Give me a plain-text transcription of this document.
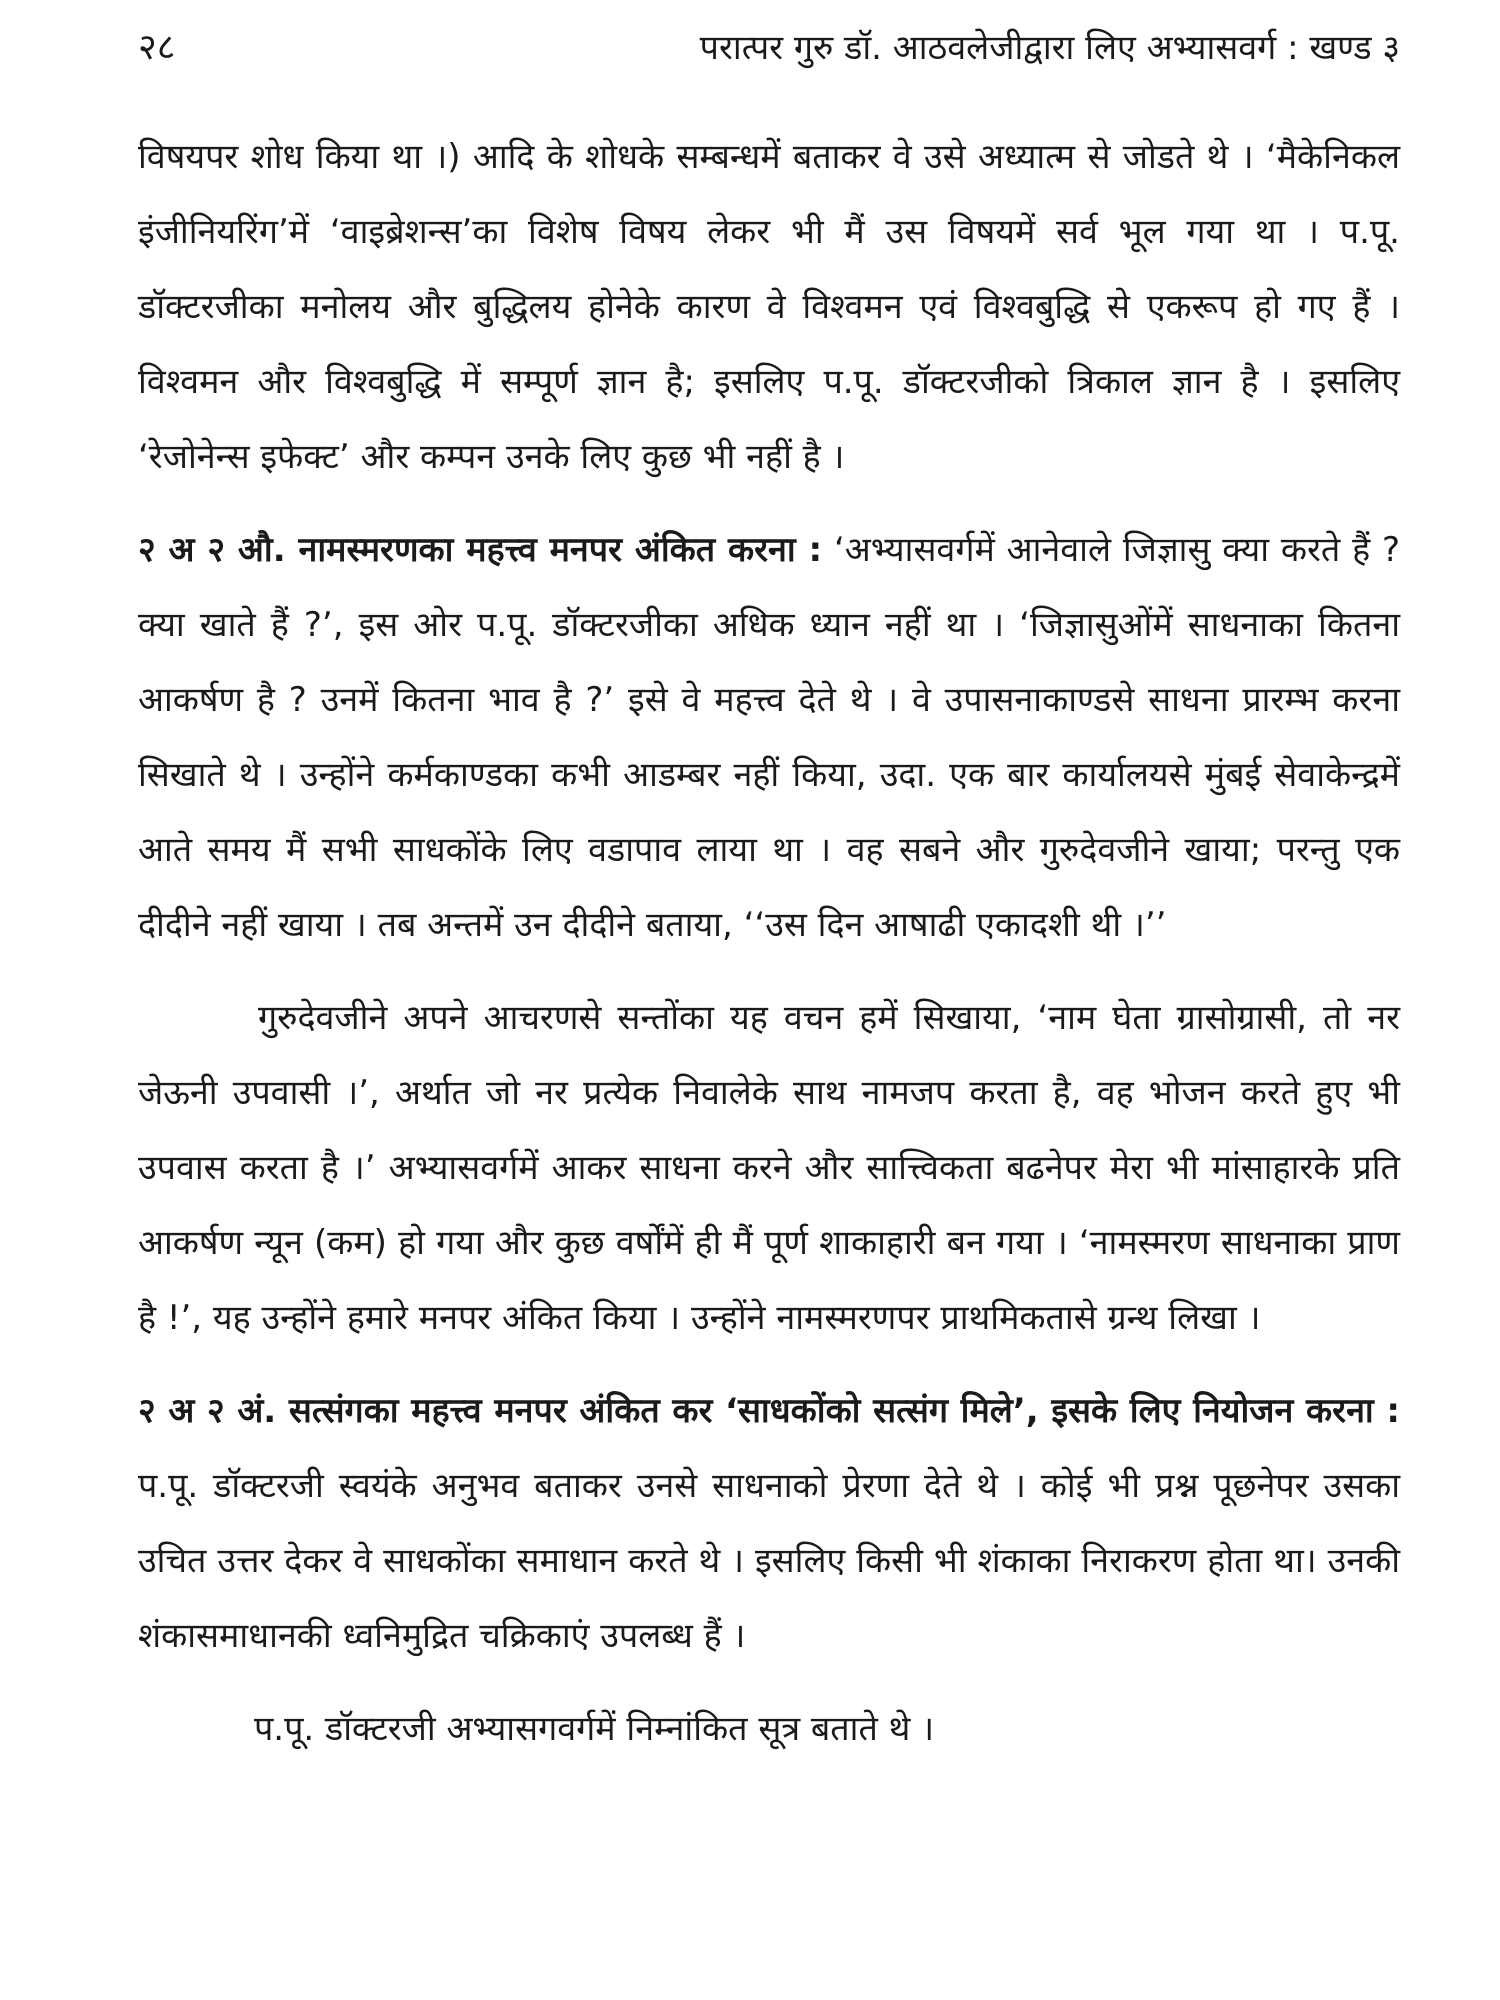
२८	परात्पर गुरु डॉ. आठवलेजीद्वारा लिए अभ्यासवर्ग : खण्ड ३

विषयपर शोध किया था ।) आदि के शोधके सम्बन्धमें बताकर वे उसे अध्यात्म से जोडते थे । ‘मैकेनिकल इंजीनियरिंग’में ‘वाइब्रेशन्स’का विशेष विषय लेकर भी मैं उस विषयमें सर्व भूल गया था । प.पू. डॉक्टरजीका मनोलय और बुद्धिलय होनेके कारण वे विश्वमन एवं विश्वबुद्धि से एकरूप हो गए हैं । विश्वमन और विश्वबुद्धि में सम्पूर्ण ज्ञान है; इसलिए प.पू. डॉक्टरजीको त्रिकाल ज्ञान है । इसलिए ‘रेजोनेन्स इफेक्ट’ और कम्पन उनके लिए कुछ भी नहीं है ।

२ अ २ औ. नामस्मरणका महत्त्व मनपर अंकित करना : ‘अभ्यासवर्गमें आनेवाले जिज्ञासु क्या करते हैं ? क्या खाते हैं ?’, इस ओर प.पू. डॉक्टरजीका अधिक ध्यान नहीं था । ‘जिज्ञासुओंमें साधनाका कितना आकर्षण है ? उनमें कितना भाव है ?’ इसे वे महत्त्व देते थे । वे उपासनाकाण्डसे साधना प्रारम्भ करना सिखाते थे । उन्होंने कर्मकाण्डका कभी आडम्बर नहीं किया, उदा. एक बार कार्यालयसे मुंबई सेवाकेन्द्रमें आते समय मैं सभी साधकोंके लिए वडापाव लाया था । वह सबने और गुरुदेवजीने खाया; परन्तु एक दीदीने नहीं खाया । तब अन्तमें उन दीदीने बताया, ‘‘उस दिन आषाढी एकादशी थी ।’’

गुरुदेवजीने अपने आचरणसे सन्तोंका यह वचन हमें सिखाया, ‘नाम घेता ग्रासोग्रासी, तो नर जेऊनी उपवासी ।’, अर्थात जो नर प्रत्येक निवालेके साथ नामजप करता है, वह भोजन करते हुए भी उपवास करता है ।’ अभ्यासवर्गमें आकर साधना करने और सात्त्विकता बढनेपर मेरा भी मांसाहारके प्रति आकर्षण न्यून (कम) हो गया और कुछ वर्षोंमें ही मैं पूर्ण शाकाहारी बन गया । ‘नामस्मरण साधनाका प्राण है !’, यह उन्होंने हमारे मनपर अंकित किया । उन्होंने नामस्मरणपर प्राथमिकतासे ग्रन्थ लिखा ।

२ अ २ अं. सत्संगका महत्त्व मनपर अंकित कर ‘साधकोंको सत्संग मिले’, इसके लिए नियोजन करना : प.पू. डॉक्टरजी स्वयंके अनुभव बताकर उनसे साधनाको प्रेरणा देते थे । कोई भी प्रश्न पूछनेपर उसका उचित उत्तर देकर वे साधकोंका समाधान करते थे । इसलिए किसी भी शंकाका निराकरण होता था। उनकी शंकासमाधानकी ध्वनिमुद्रित चक्रिकाएं उपलब्ध हैं ।

प.पू. डॉक्टरजी अभ्यासगवर्गमें निम्नांकित सूत्र बताते थे ।
